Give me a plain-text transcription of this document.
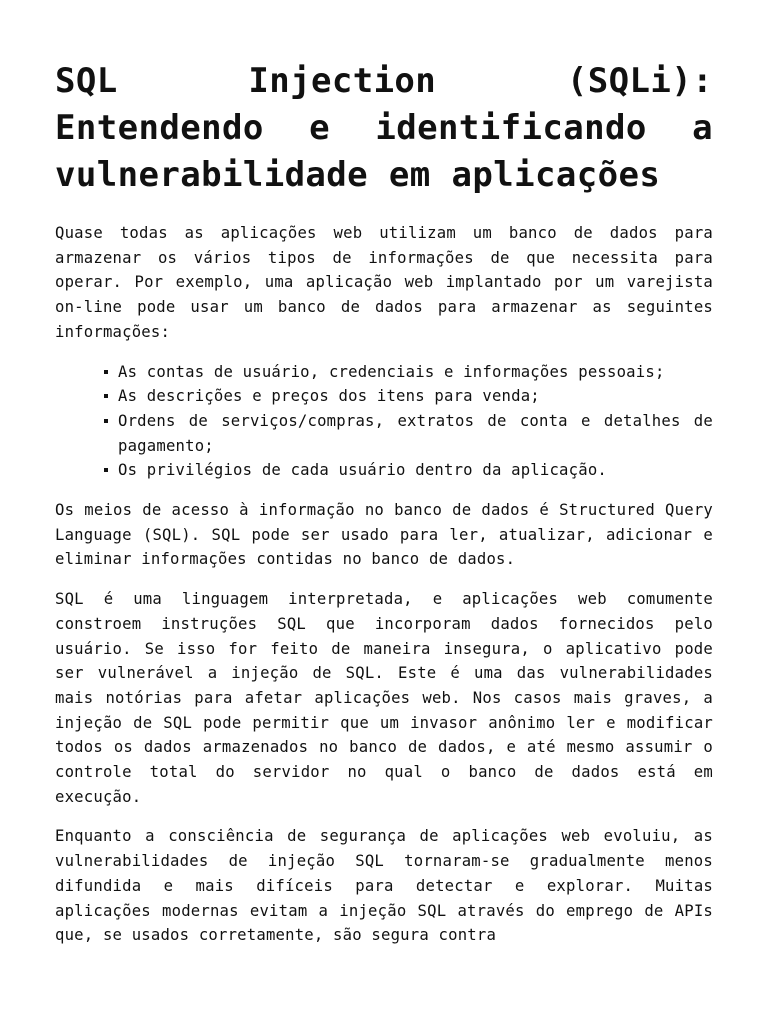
SQL Injection (SQLi): Entendendo e identificando a vulnerabilidade em aplicações

Quase todas as aplicações web utilizam um banco de dados para armazenar os vários tipos de informações de que necessita para operar. Por exemplo, uma aplicação web implantado por um varejista on-line pode usar um banco de dados para armazenar as seguintes informações:

As contas de usuário, credenciais e informações pessoais;
As descrições e preços dos itens para venda;
Ordens de serviços/compras, extratos de conta e detalhes de pagamento;
Os privilégios de cada usuário dentro da aplicação.

Os meios de acesso à informação no banco de dados é Structured Query Language (SQL). SQL pode ser usado para ler, atualizar, adicionar e eliminar informações contidas no banco de dados.

SQL é uma linguagem interpretada, e aplicações web comumente constroem instruções SQL que incorporam dados fornecidos pelo usuário. Se isso for feito de maneira insegura, o aplicativo pode ser vulnerável a injeção de SQL. Este é uma das vulnerabilidades mais notórias para afetar aplicações web. Nos casos mais graves, a injeção de SQL pode permitir que um invasor anônimo ler e modificar todos os dados armazenados no banco de dados, e até mesmo assumir o controle total do servidor no qual o banco de dados está em execução.

Enquanto a consciência de segurança de aplicações web evoluiu, as vulnerabilidades de injeção SQL tornaram-se gradualmente menos difundida e mais difíceis para detectar e explorar. Muitas aplicações modernas evitam a injeção SQL através do emprego de APIs que, se usados corretamente, são segura contra
